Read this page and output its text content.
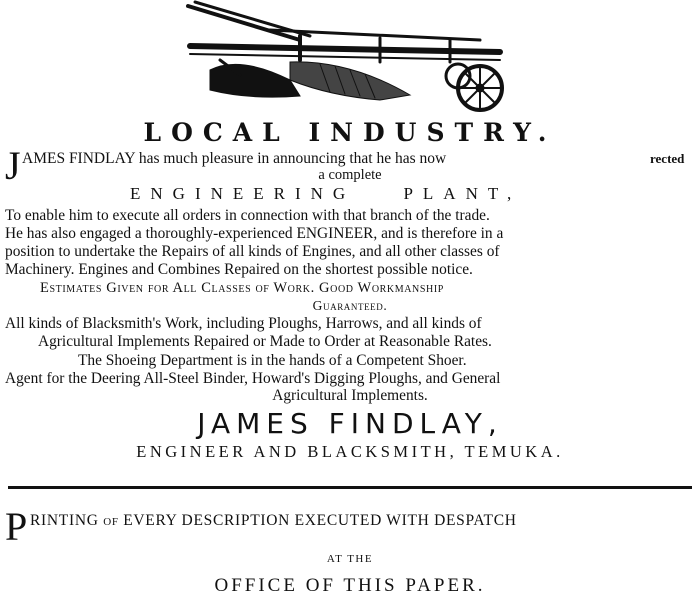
LOCAL INDUSTRY.
J AMES FINDLAY has much pleasure in announcing that he has now	rected
a complete
ENGINEERING PLANT,
To enable him to execute all orders in connection with that branch of the trade.
He has also engaged a thoroughly-experienced ENGINEER, and is therefore in a
position to undertake the Repairs of all kinds of Engines, and all other classes of
Machinery. Engines and Combines Repaired on the shortest possible notice.
Estimates Given for All Classes of Work. Good Workmanship
Guaranteed.
All kinds of Blacksmith's Work, including Ploughs, Harrows, and all kinds of
Agricultural Implements Repaired or Made to Order at Reasonable Rates.
The Shoeing Department is in the hands of a Competent Shoer.
Agent for the Deering All-Steel Binder, Howard's Digging Ploughs, and General
Agricultural Implements.
JAMES FINDLAY,
ENGINEER AND BLACKSMITH, TEMUKA.
P RINTING of EVERY DESCRIPTION EXECUTED WITH DESPATCH
AT THE
OFFICE OF THIS PAPER.
